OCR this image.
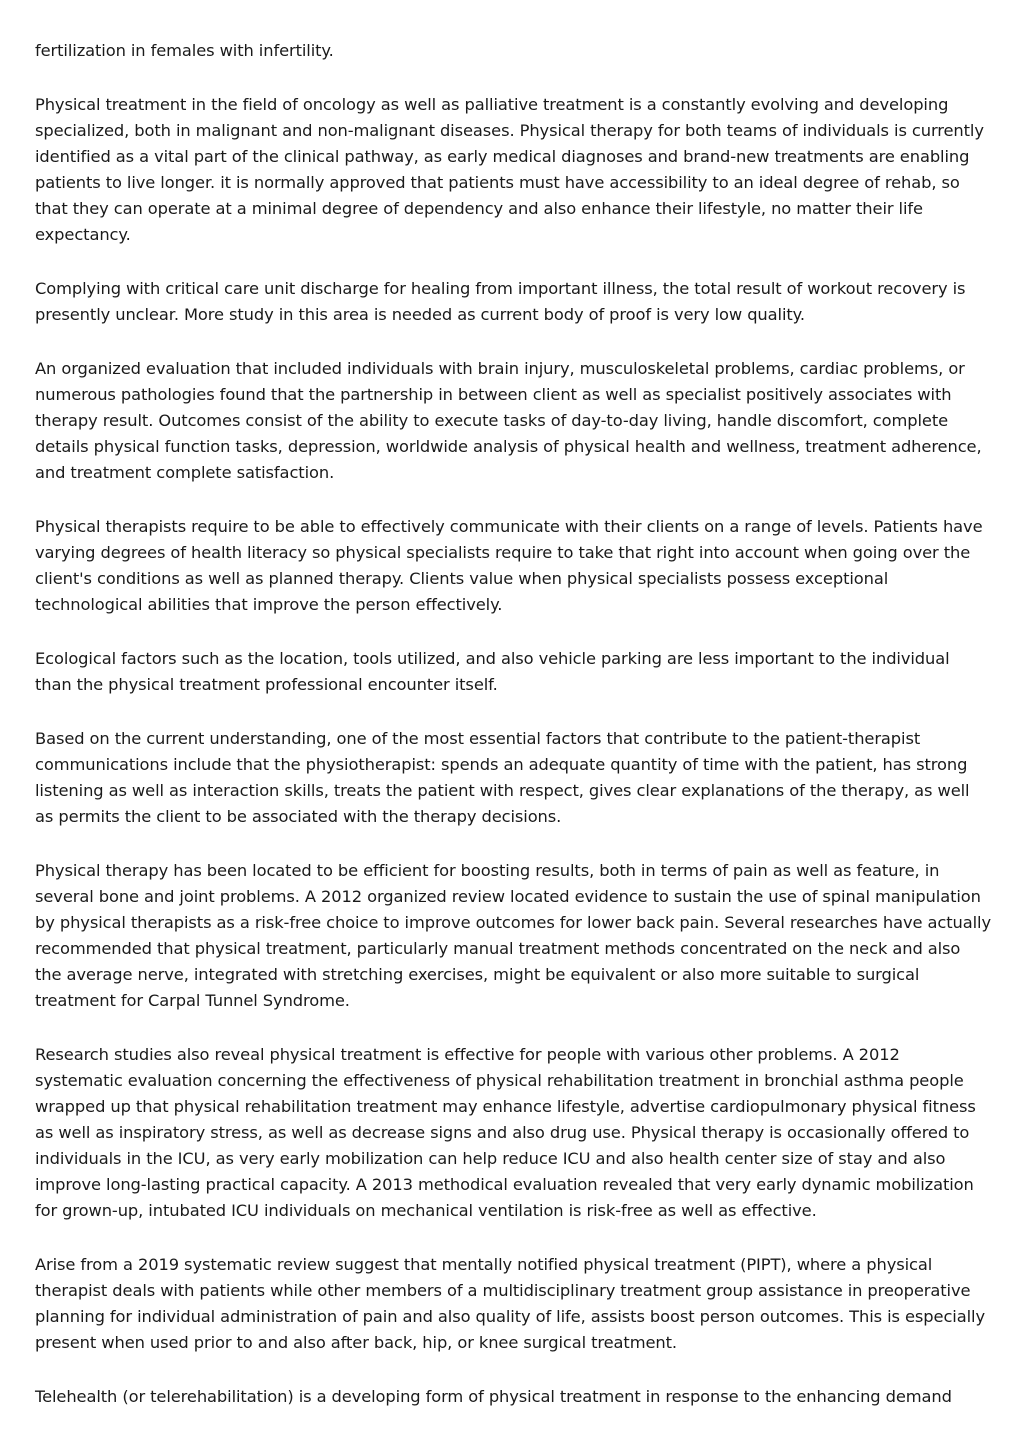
fertilization in females with infertility.

Physical treatment in the field of oncology as well as palliative treatment is a constantly evolving and developing specialized, both in malignant and non-malignant diseases. Physical therapy for both teams of individuals is currently identified as a vital part of the clinical pathway, as early medical diagnoses and brand-new treatments are enabling patients to live longer. it is normally approved that patients must have accessibility to an ideal degree of rehab, so that they can operate at a minimal degree of dependency and also enhance their lifestyle, no matter their life expectancy.

Complying with critical care unit discharge for healing from important illness, the total result of workout recovery is presently unclear. More study in this area is needed as current body of proof is very low quality.

An organized evaluation that included individuals with brain injury, musculoskeletal problems, cardiac problems, or numerous pathologies found that the partnership in between client as well as specialist positively associates with therapy result. Outcomes consist of the ability to execute tasks of day-to-day living, handle discomfort, complete details physical function tasks, depression, worldwide analysis of physical health and wellness, treatment adherence, and treatment complete satisfaction.

Physical therapists require to be able to effectively communicate with their clients on a range of levels. Patients have varying degrees of health literacy so physical specialists require to take that right into account when going over the client's conditions as well as planned therapy. Clients value when physical specialists possess exceptional technological abilities that improve the person effectively.

Ecological factors such as the location, tools utilized, and also vehicle parking are less important to the individual than the physical treatment professional encounter itself.

Based on the current understanding, one of the most essential factors that contribute to the patient-therapist communications include that the physiotherapist: spends an adequate quantity of time with the patient, has strong listening as well as interaction skills, treats the patient with respect, gives clear explanations of the therapy, as well as permits the client to be associated with the therapy decisions.

Physical therapy has been located to be efficient for boosting results, both in terms of pain as well as feature, in several bone and joint problems. A 2012 organized review located evidence to sustain the use of spinal manipulation by physical therapists as a risk-free choice to improve outcomes for lower back pain. Several researches have actually recommended that physical treatment, particularly manual treatment methods concentrated on the neck and also the average nerve, integrated with stretching exercises, might be equivalent or also more suitable to surgical treatment for Carpal Tunnel Syndrome.

Research studies also reveal physical treatment is effective for people with various other problems. A 2012 systematic evaluation concerning the effectiveness of physical rehabilitation treatment in bronchial asthma people wrapped up that physical rehabilitation treatment may enhance lifestyle, advertise cardiopulmonary physical fitness as well as inspiratory stress, as well as decrease signs and also drug use. Physical therapy is occasionally offered to individuals in the ICU, as very early mobilization can help reduce ICU and also health center size of stay and also improve long-lasting practical capacity. A 2013 methodical evaluation revealed that very early dynamic mobilization for grown-up, intubated ICU individuals on mechanical ventilation is risk-free as well as effective.

Arise from a 2019 systematic review suggest that mentally notified physical treatment (PIPT), where a physical therapist deals with patients while other members of a multidisciplinary treatment group assistance in preoperative planning for individual administration of pain and also quality of life, assists boost person outcomes. This is especially present when used prior to and also after back, hip, or knee surgical treatment.

Telehealth (or telerehabilitation) is a developing form of physical treatment in response to the enhancing demand
